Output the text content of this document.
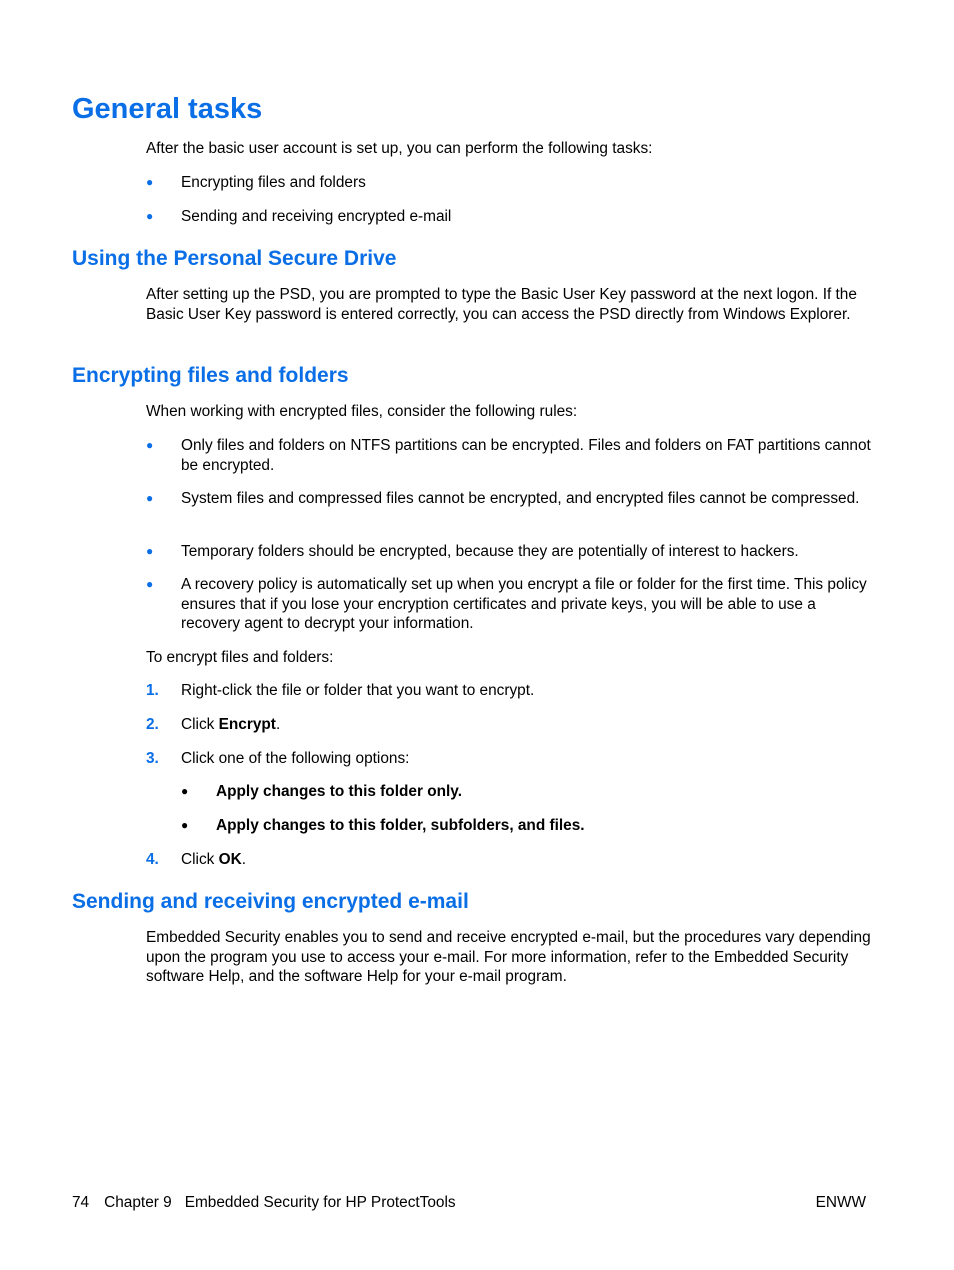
General tasks

After the basic user account is set up, you can perform the following tasks:

●	Encrypting files and folders
●	Sending and receiving encrypted e-mail
Using the Personal Secure Drive

After setting up the PSD, you are prompted to type the Basic User Key password at the next logon. If the Basic User Key password is entered correctly, you can access the PSD directly from Windows Explorer.

Encrypting files and folders

When working with encrypted files, consider the following rules:

●	Only files and folders on NTFS partitions can be encrypted. Files and folders on FAT partitions cannot be encrypted.
●	System files and compressed files cannot be encrypted, and encrypted files cannot be compressed.
●	Temporary folders should be encrypted, because they are potentially of interest to hackers.
●	A recovery policy is automatically set up when you encrypt a file or folder for the first time. This policy ensures that if you lose your encryption certificates and private keys, you will be able to use a recovery agent to decrypt your information.

To encrypt files and folders:

1. Right-click the file or folder that you want to encrypt.
2. Click Encrypt.
3. Click one of the following options:
● Apply changes to this folder only.
● Apply changes to this folder, subfolders, and files.
4. Click OK.
Sending and receiving encrypted e-mail

Embedded Security enables you to send and receive encrypted e-mail, but the procedures vary depending upon the program you use to access your e-mail. For more information, refer to the Embedded Security software Help, and the software Help for your e-mail program.

74 Chapter 9 Embedded Security for HP ProtectTools	ENWW
